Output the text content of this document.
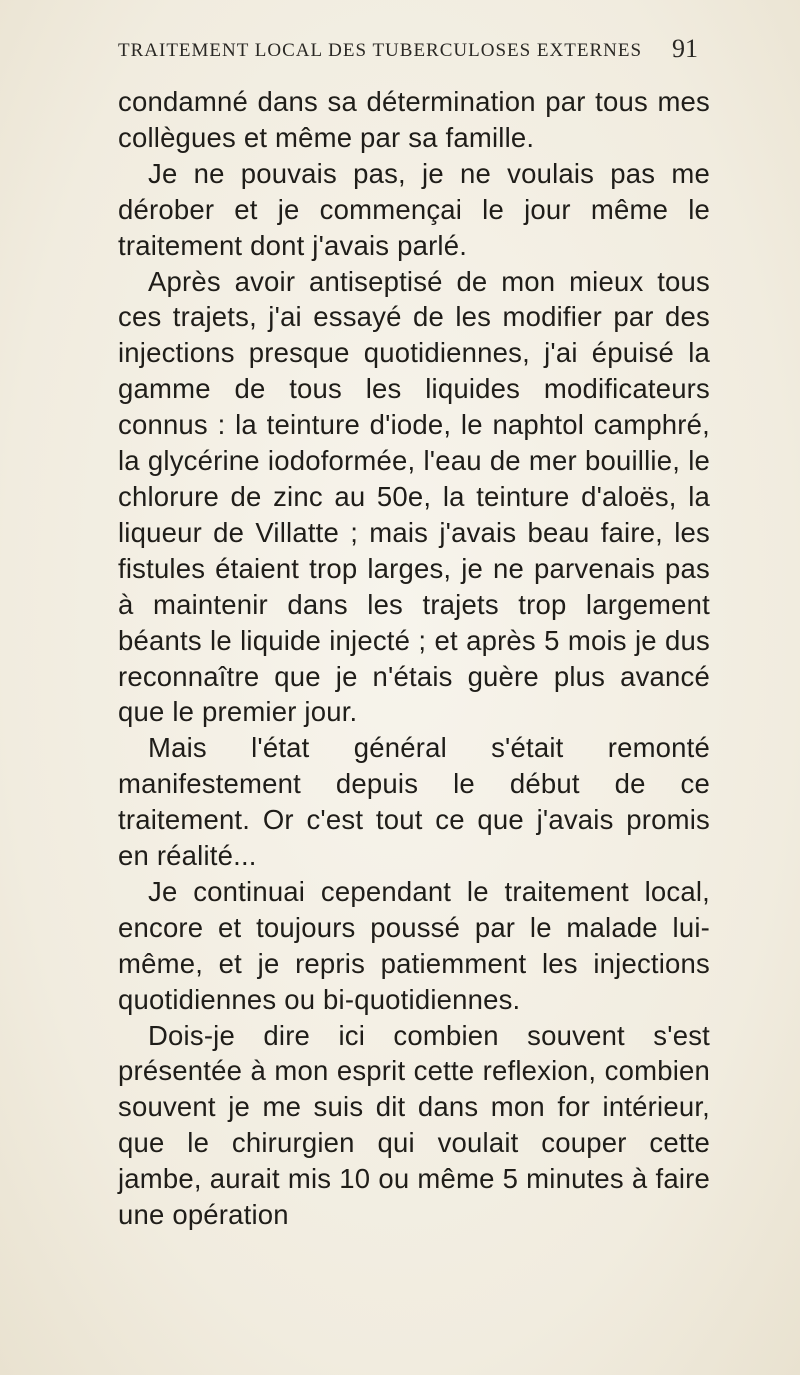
TRAITEMENT LOCAL DES TUBERCULOSES EXTERNES 91

condamné dans sa détermination par tous mes collègues et même par sa famille.

Je ne pouvais pas, je ne voulais pas me dérober et je commençai le jour même le traitement dont j'avais parlé.

Après avoir antiseptisé de mon mieux tous ces trajets, j'ai essayé de les modifier par des injections presque quotidiennes, j'ai épuisé la gamme de tous les liquides modificateurs connus : la teinture d'iode, le naphtol camphré, la glycérine iodoformée, l'eau de mer bouillie, le chlorure de zinc au 50e, la teinture d'aloës, la liqueur de Villatte ; mais j'avais beau faire, les fistules étaient trop larges, je ne parvenais pas à maintenir dans les trajets trop largement béants le liquide injecté ; et après 5 mois je dus reconnaître que je n'étais guère plus avancé que le premier jour.

Mais l'état général s'était remonté manifestement depuis le début de ce traitement. Or c'est tout ce que j'avais promis en réalité...

Je continuai cependant le traitement local, encore et toujours poussé par le malade lui-même, et je repris patiemment les injections quotidiennes ou bi-quotidiennes.

Dois-je dire ici combien souvent s'est présentée à mon esprit cette reflexion, combien souvent je me suis dit dans mon for intérieur, que le chirurgien qui voulait couper cette jambe, aurait mis 10 ou même 5 minutes à faire une opération
